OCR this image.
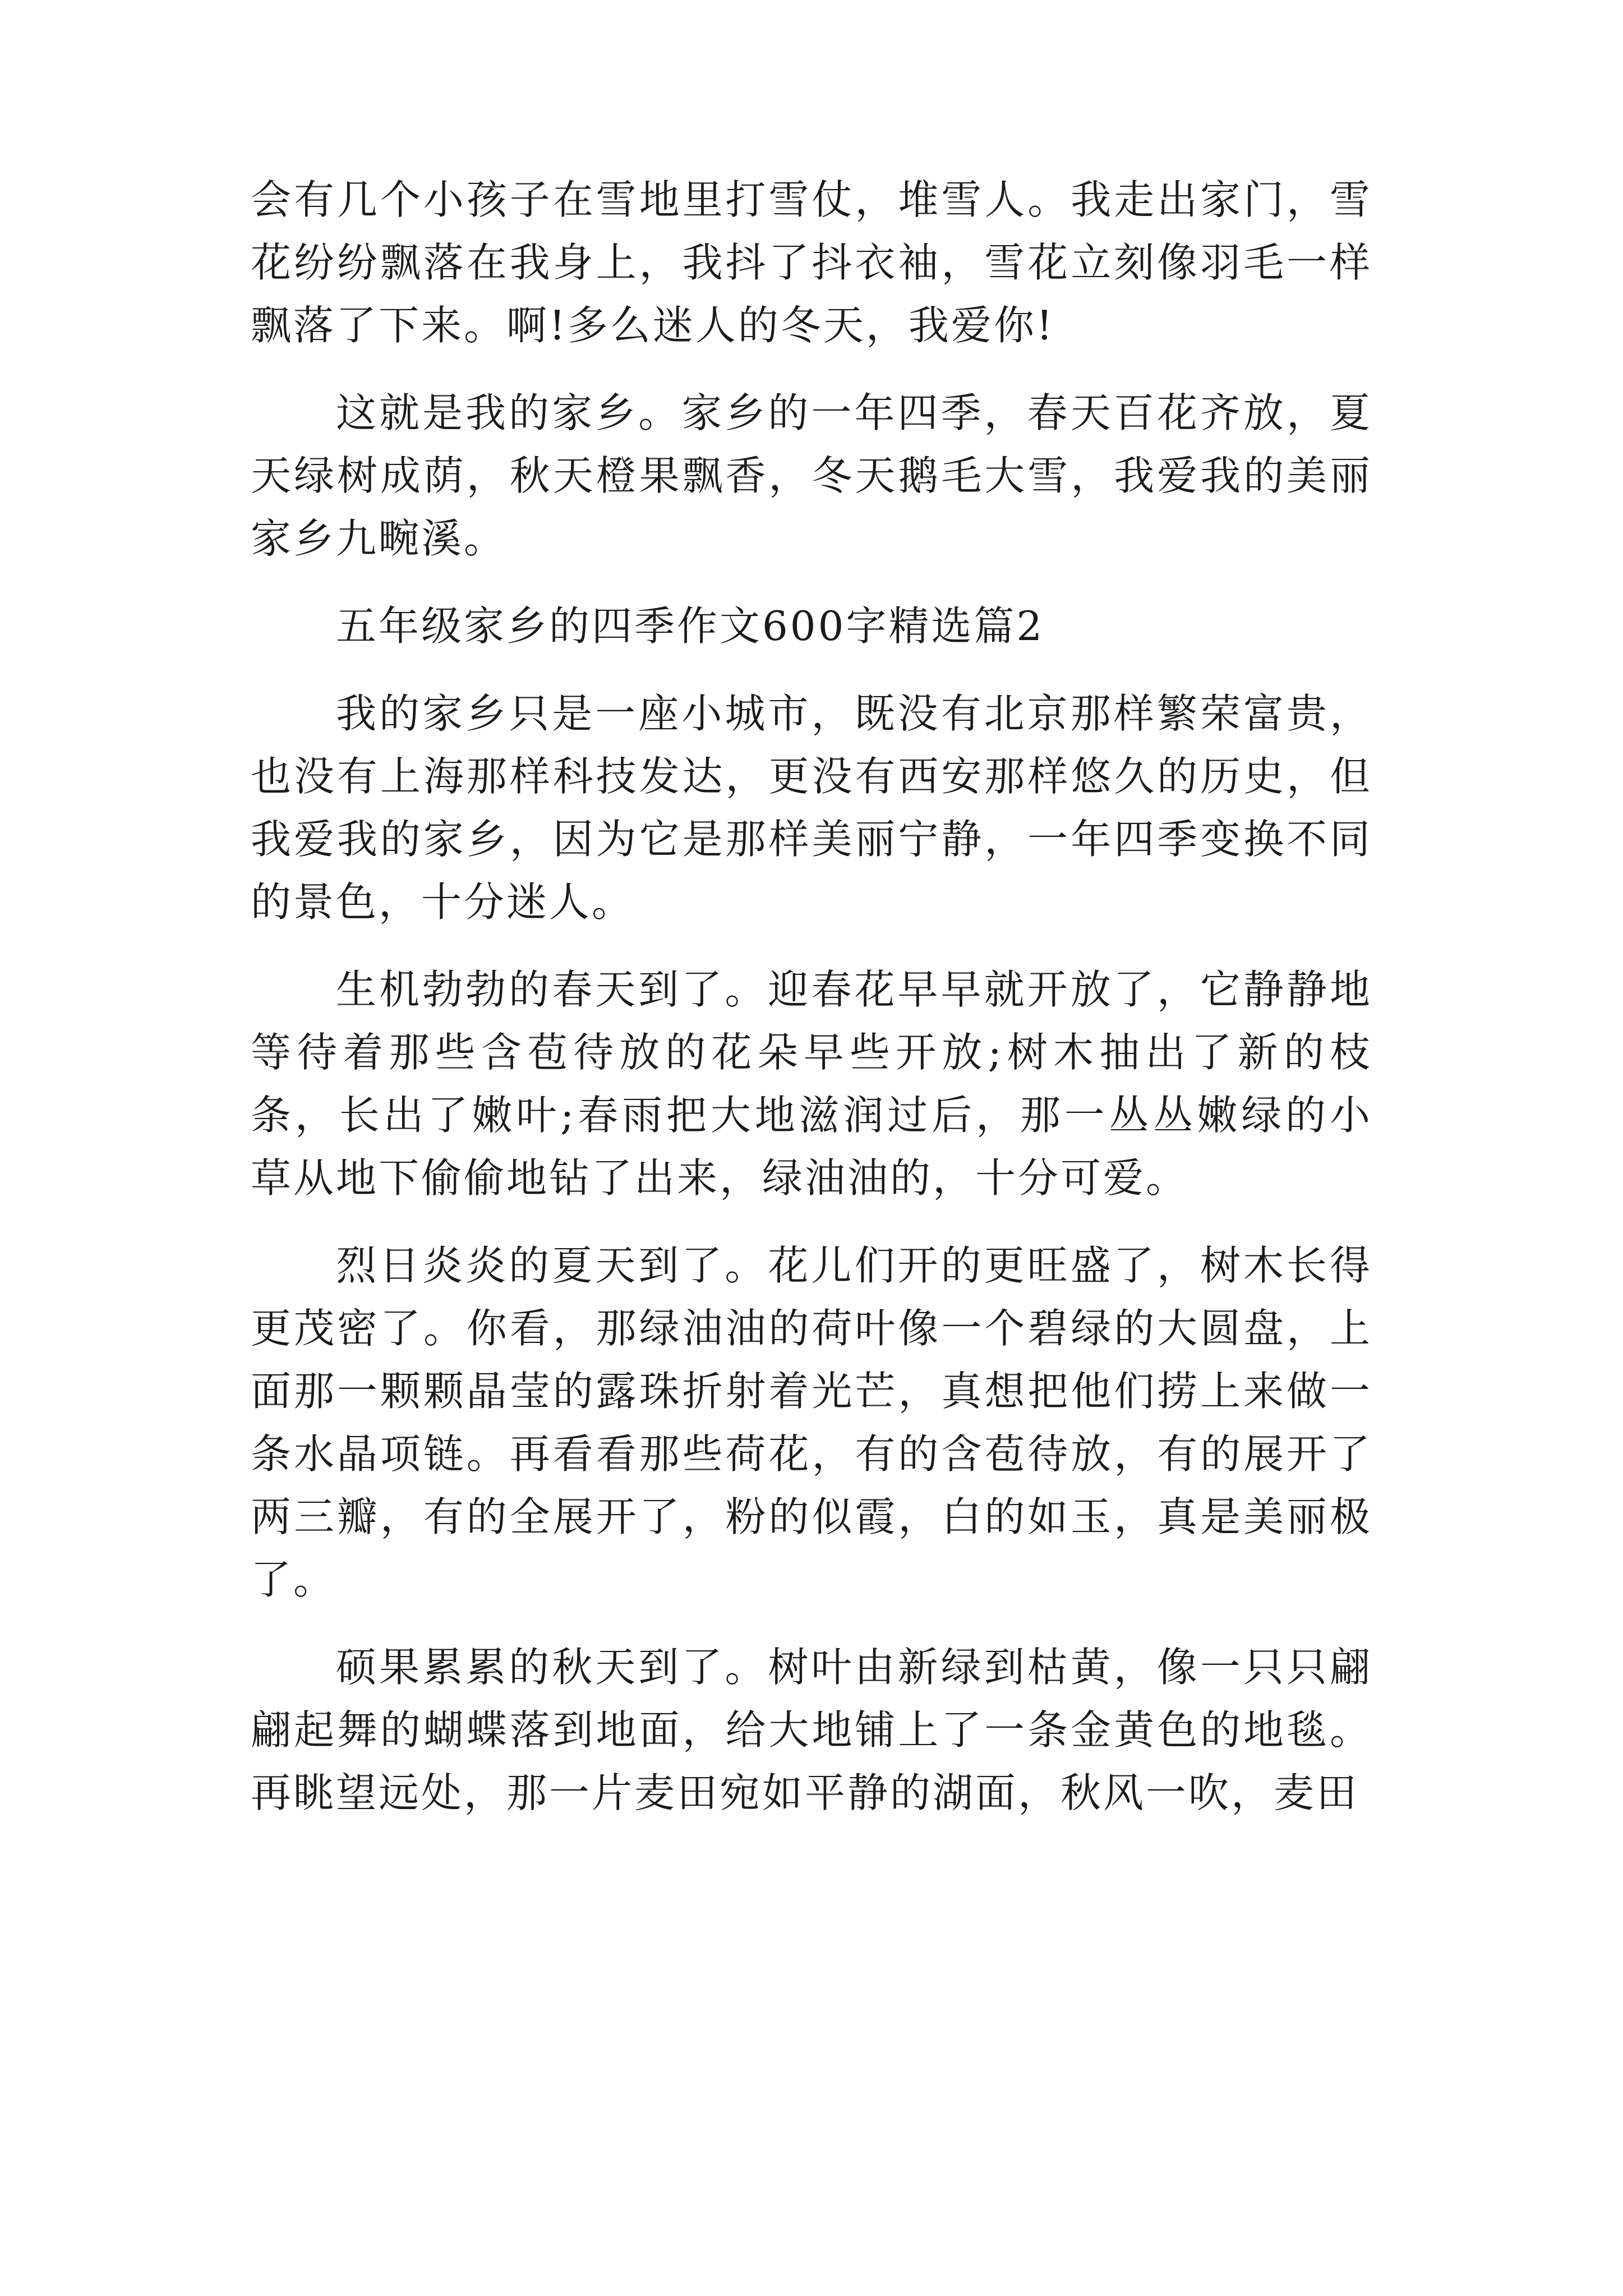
会有几个小孩子在雪地里打雪仗，堆雪人。我走出家门，雪花纷纷飘落在我身上，我抖了抖衣袖，雪花立刻像羽毛一样飘落了下来。啊!多么迷人的冬天，我爱你!

这就是我的家乡。家乡的一年四季，春天百花齐放，夏天绿树成荫，秋天橙果飘香，冬天鹅毛大雪，我爱我的美丽家乡九畹溪。

五年级家乡的四季作文600字精选篇2

我的家乡只是一座小城市，既没有北京那样繁荣富贵，也没有上海那样科技发达，更没有西安那样悠久的历史，但我爱我的家乡，因为它是那样美丽宁静，一年四季变换不同的景色，十分迷人。

生机勃勃的春天到了。迎春花早早就开放了，它静静地等待着那些含苞待放的花朵早些开放;树木抽出了新的枝条，长出了嫩叶;春雨把大地滋润过后，那一丛丛嫩绿的小草从地下偷偷地钻了出来，绿油油的，十分可爱。

烈日炎炎的夏天到了。花儿们开的更旺盛了，树木长得更茂密了。你看，那绿油油的荷叶像一个碧绿的大圆盘，上面那一颗颗晶莹的露珠折射着光芒，真想把他们捞上来做一条水晶项链。再看看那些荷花，有的含苞待放，有的展开了两三瓣，有的全展开了，粉的似霞，白的如玉，真是美丽极了。

硕果累累的秋天到了。树叶由新绿到枯黄，像一只只翩翩起舞的蝴蝶落到地面，给大地铺上了一条金黄色的地毯。再眺望远处，那一片麦田宛如平静的湖面，秋风一吹，麦田
